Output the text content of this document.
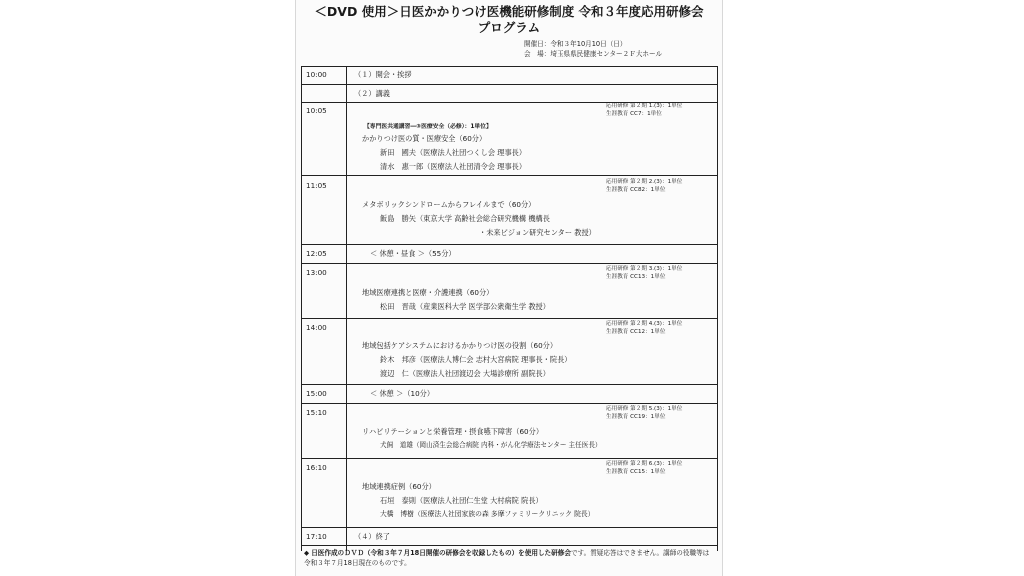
＜DVD 使用＞日医かかりつけ医機能研修制度 令和３年度応用研修会
プログラム
開催日：令和３年10月10日（日）
会　場：埼玉県県民健康センター２Ｆ大ホール
10:00	（１）開会・挨拶
（２）講義
10:05	応用研修 第２期 1.(3)：1単位
生涯教育 CC7：1単位
【専門医共通講習―③医療安全（必修）：1単位】
かかりつけ医の質・医療安全（60分）
新田　國夫（医療法人社団つくし会 理事長）
清水　惠一郎（医療法人社団清令会 理事長）
11:05	応用研修 第２期 2.(3)：1単位
生涯教育 CC82：1単位
メタボリックシンドロームからフレイルまで（60分）
飯島　勝矢（東京大学 高齢社会総合研究機構 機構長
・未来ビジョン研究センター 教授）
12:05	＜ 休憩・昼食 ＞（55分）
13:00	応用研修 第２期 3.(3)：1単位
生涯教育 CC13：1単位
地域医療連携と医療・介護連携（60分）
松田　晋哉（産業医科大学 医学部公衆衛生学 教授）
14:00	応用研修 第２期 4.(3)：1単位
生涯教育 CC12：1単位
地域包括ケアシステムにおけるかかりつけ医の役割（60分）
鈴木　邦彦（医療法人博仁会 志村大宮病院 理事長・院長）
渡辺　仁（医療法人社団渡辺会 大場診療所 副院長）
15:00	＜ 休憩 ＞（10分）
15:10	応用研修 第２期 5.(3)：1単位
生涯教育 CC19：1単位
リハビリテーションと栄養管理・摂食嚥下障害（60分）
犬飼　道雄（岡山済生会総合病院 内科・がん化学療法センター 主任医長）
16:10	応用研修 第２期 6.(3)：1単位
生涯教育 CC15：1単位
地域連携症例（60分）
石垣　泰則（医療法人社団仁生堂 大村病院 院長）
大橋　博樹（医療法人社団家族の森 多摩ファミリークリニック 院長）
17:10	（４）終了
◆ 日医作成のＤＶＤ（令和３年７月18日開催の研修会を収録したもの）を使用した研修会です。質疑応答はできません。講師の役職等は令和３年７月18日現在のものです。
